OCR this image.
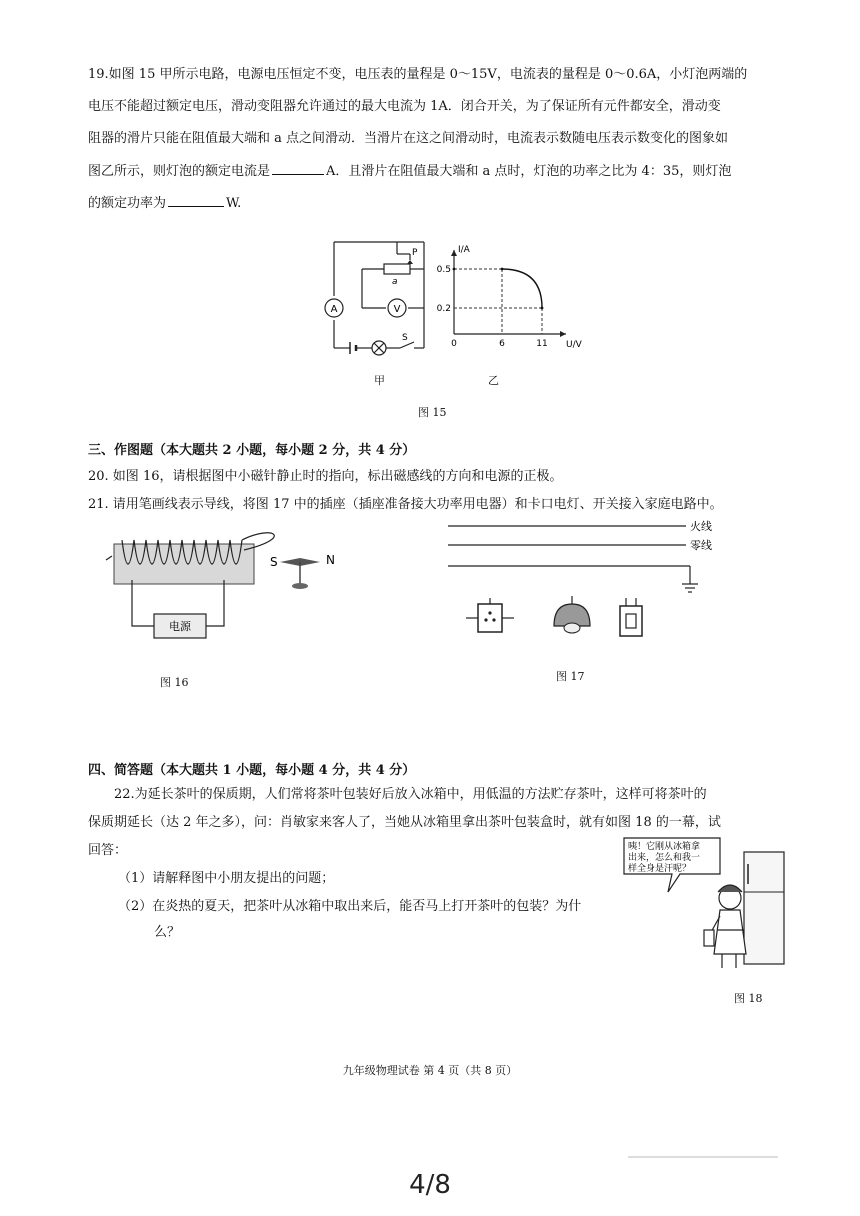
19.如图 15 甲所示电路，电源电压恒定不变，电压表的量程是 0～15V，电流表的量程是 0～0.6A，小灯泡两端的
电压不能超过额定电压，滑动变阻器允许通过的最大电流为 1A．闭合开关，为了保证所有元件都安全，滑动变
阻器的滑片只能在阻值最大端和 a 点之间滑动．当滑片在这之间滑动时，电流表示数随电压表示数变化的图象如
图乙所示，则灯泡的额定电流是	A．且滑片在阻值最大端和 a 点时，灯泡的功率之比为 4：35，则灯泡
的额定功率为	W.
A	V
P
a
S
甲
0	6	11
0.2
0.5
I/A
U/V
乙
图 15
三、作图题（本大题共 2 小题，每小题 2 分，共 4 分）
20. 如图 16，请根据图中小磁针静止时的指向，标出磁感线的方向和电源的正极。
21. 请用笔画线表示导线，将图 17 中的插座（插座准备接大功率用电器）和卡口电灯、开关接入家庭电路中。
电源
S	N
图 16
火线
零线
图 17
四、简答题（本大题共 1 小题，每小题 4 分，共 4 分）
22.为延长茶叶的保质期，人们常将茶叶包装好后放入冰箱中，用低温的方法贮存茶叶，这样可将茶叶的
保质期延长（达 2 年之多），问：肖敏家来客人了，当她从冰箱里拿出茶叶包装盒时，就有如图 18 的一幕，试
回答：
（1）请解释图中小朋友提出的问题；
（2）在炎热的夏天，把茶叶从冰箱中取出来后，能否马上打开茶叶的包装？为什
么？
咦！它刚从冰箱拿
出来，怎么和我一
样全身是汗呢？
图 18
九年级物理试卷 第 4 页（共 8 页）
4/8
